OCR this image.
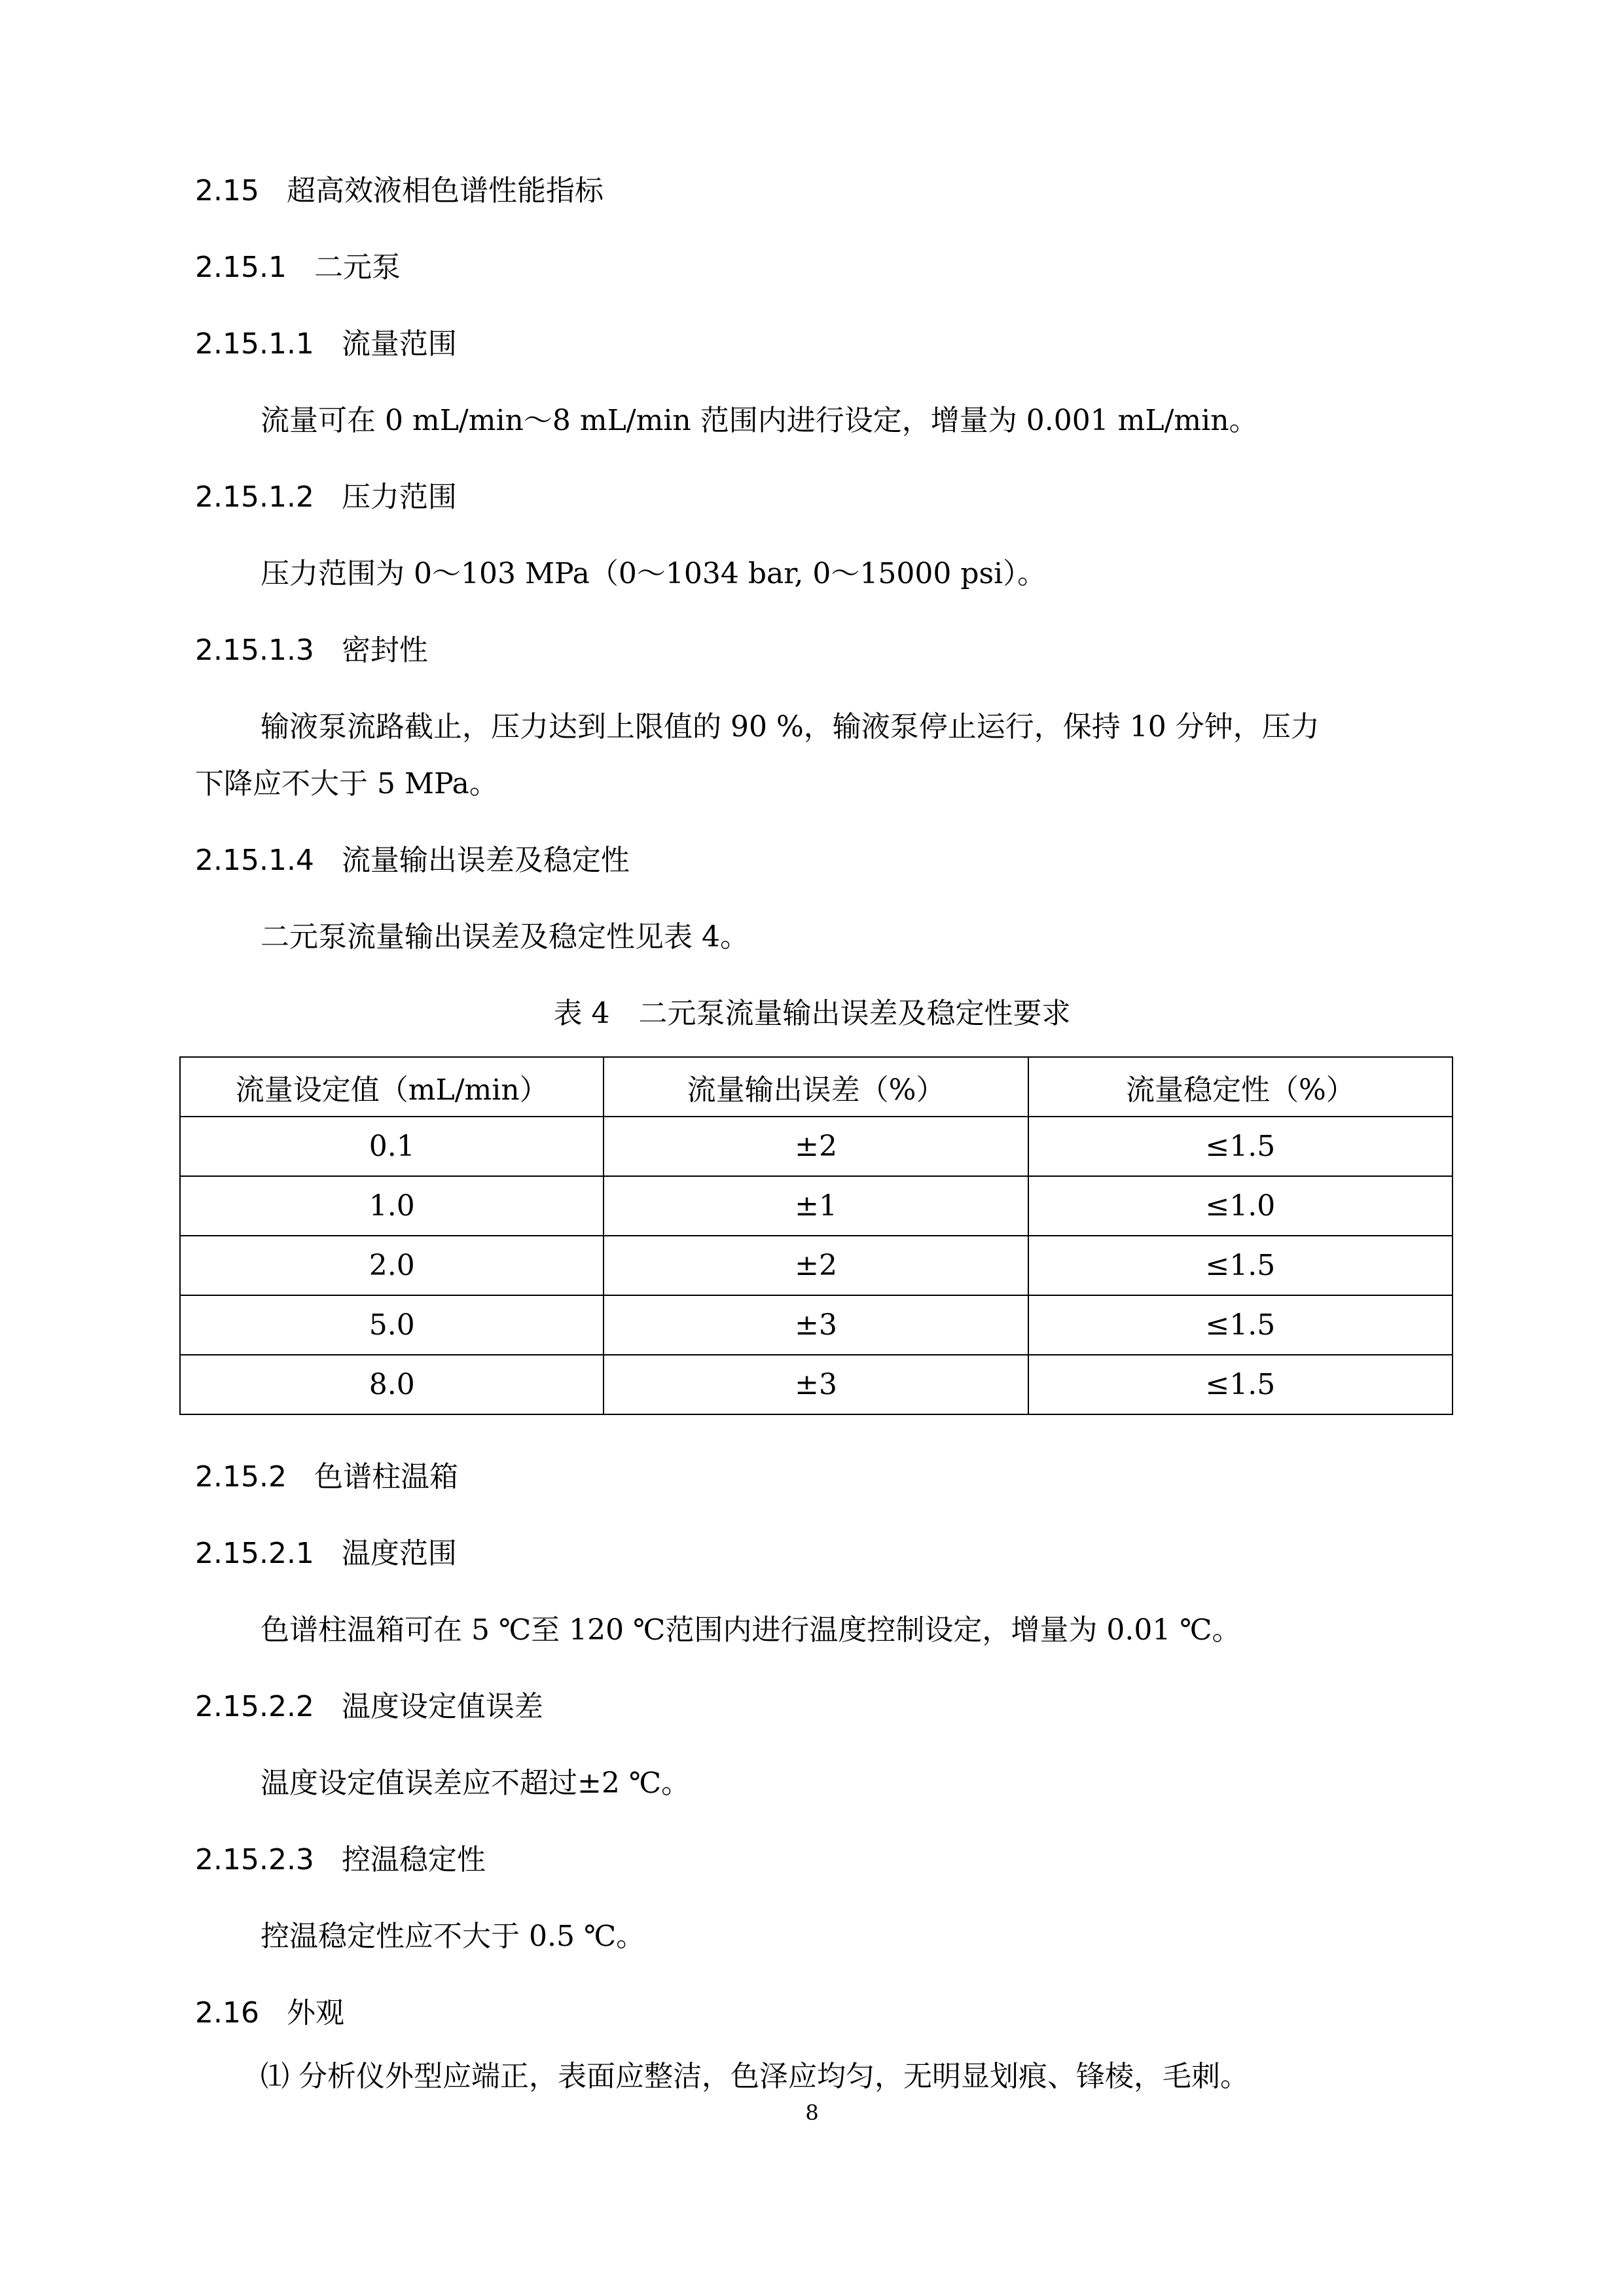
2.15 超高效液相色谱性能指标
2.15.1 二元泵
2.15.1.1 流量范围

流量可在 0 mL/min～8 mL/min 范围内进行设定，增量为 0.001 mL/min。

2.15.1.2 压力范围

压力范围为 0～103 MPa（0～1034 bar, 0～15000 psi）。

2.15.1.3 密封性

输液泵流路截止，压力达到上限值的 90 %，输液泵停止运行，保持 10 分钟，压力

下降应不大于 5 MPa。

2.15.1.4 流量输出误差及稳定性

二元泵流量输出误差及稳定性见表 4。

表 4　二元泵流量输出误差及稳定性要求

流量设定值（mL/min）	流量输出误差（%）	流量稳定性（%）
0.1	±2	≤1.5
1.0	±1	≤1.0
2.0	±2	≤1.5
5.0	±3	≤1.5
8.0	±3	≤1.5
2.15.2 色谱柱温箱
2.15.2.1 温度范围

色谱柱温箱可在 5 ℃至 120 ℃范围内进行温度控制设定，增量为 0.01 ℃。

2.15.2.2 温度设定值误差

温度设定值误差应不超过±2 ℃。

2.15.2.3 控温稳定性

控温稳定性应不大于 0.5 ℃。

2.16 外观

⑴ 分析仪外型应端正，表面应整洁，色泽应均匀，无明显划痕、锋棱，毛刺。

8
